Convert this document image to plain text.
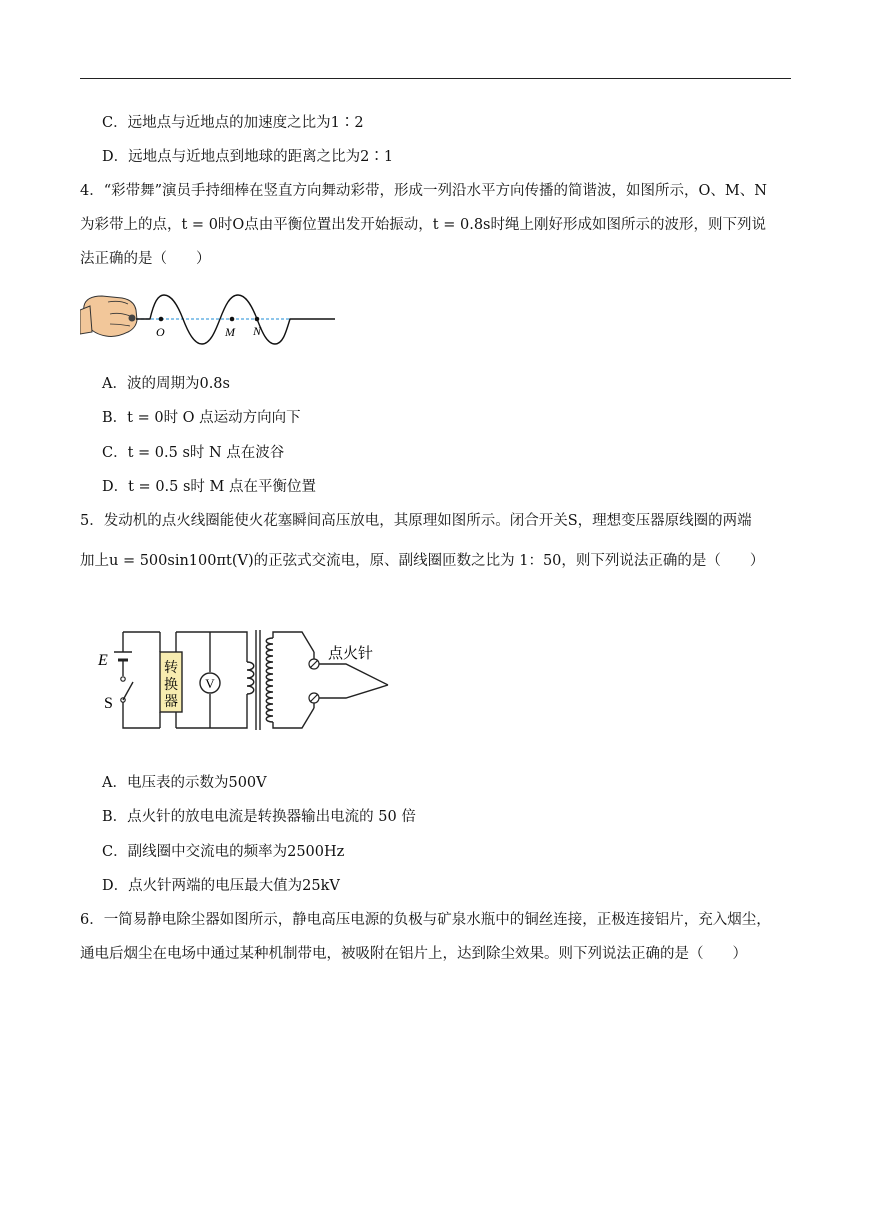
C．远地点与近地点的加速度之比为1∶2
D．远地点与近地点到地球的距离之比为2∶1
4．“彩带舞”演员手持细棒在竖直方向舞动彩带，形成一列沿水平方向传播的简谐波，如图所示，O、M、N
为彩带上的点，t = 0时O点由平衡位置出发开始振动，t = 0.8s时绳上刚好形成如图所示的波形，则下列说
法正确的是（　　）
O	M N
A．波的周期为0.8s
B．t = 0时 O 点运动方向向下
C．t = 0.5 s时 N 点在波谷
D．t = 0.5 s时 M 点在平衡位置
5．发动机的点火线圈能使火花塞瞬间高压放电，其原理如图所示。闭合开关S，理想变压器原线圈的两端
加上u = 500sin100πt(V)的正弦式交流电，原、副线圈匝数之比为 1：50，则下列说法正确的是（　　）
E
S
转
换
器
V
点火针
A．电压表的示数为500V
B．点火针的放电电流是转换器输出电流的 50 倍
C．副线圈中交流电的频率为2500Hz
D．点火针两端的电压最大值为25kV
6．一简易静电除尘器如图所示，静电高压电源的负极与矿泉水瓶中的铜丝连接，正极连接铝片，充入烟尘，
通电后烟尘在电场中通过某种机制带电，被吸附在铝片上，达到除尘效果。则下列说法正确的是（　　）
